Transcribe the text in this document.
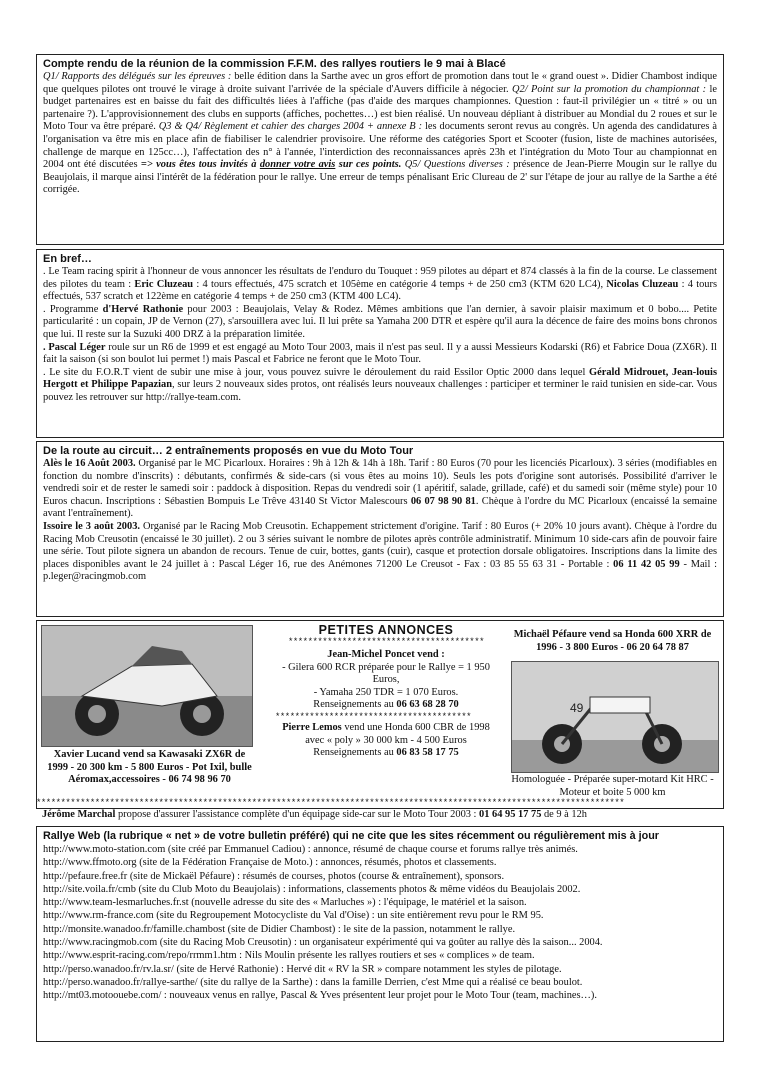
Compte rendu de la réunion de la commission F.F.M. des rallyes routiers le 9 mai à Blacé

Q1/ Rapports des délégués sur les épreuves : belle édition dans la Sarthe avec un gros effort de promotion dans tout le « grand ouest ». Didier Chambost indique que quelques pilotes ont trouvé le virage à droite suivant l'arrivée de la spéciale d'Auvers difficile à négocier. Q2/ Point sur la promotion du championnat : le budget partenaires est en baisse du fait des difficultés liées à l'affiche (pas d'aide des marques championnes. Question : faut-il privilégier un « titré » ou un partenaire ?). L'approvisionnement des clubs en supports (affiches, pochettes…) est bien réalisé. Un nouveau dépliant à distribuer au Mondial du 2 roues et sur le Moto Tour va être préparé. Q3 & Q4/ Règlement et cahier des charges 2004 + annexe B : les documents seront revus au congrès. Un agenda des candidatures à l'organisation va être mis en place afin de fiabiliser le calendrier provisoire. Une réforme des catégories Sport et Scooter (fusion, liste de machines autorisées, challenge de marque en 125cc…), l'affectation des n° à l'année, l'interdiction des reconnaissances après 23h et l'intégration du Moto Tour au championnat en 2004 ont été discutées => vous êtes tous invités à donner votre avis sur ces points. Q5/ Questions diverses : présence de Jean-Pierre Mougin sur le rallye du Beaujolais, il marque ainsi l'intérêt de la fédération pour le rallye. Une erreur de temps pénalisant Eric Clureau de 2' sur l'étape de jour au rallye de la Sarthe a été corrigée.

En bref…

. Le Team racing spirit à l'honneur de vous annoncer les résultats de l'enduro du Touquet : 959 pilotes au départ et 874 classés à la fin de la course. Le classement des pilotes du team : Eric Cluzeau : 4 tours effectués, 475 scratch et 105ème en catégorie 4 temps + de 250 cm3 (KTM 620 LC4), Nicolas Cluzeau : 4 tours effectués, 537 scratch et 122ème en catégorie 4 temps + de 250 cm3 (KTM 400 LC4).

. Programme d'Hervé Rathonie pour 2003 : Beaujolais, Velay & Rodez. Mêmes ambitions que l'an dernier, à savoir plaisir maximum et 0 bobo.... Petite particularité : un copain, JP de Vernon (27), s'arsouillera avec lui. Il lui prête sa Yamaha 200 DTR et espère qu'il aura la décence de faire des moins bons chronos que lui. Il reste sur la Suzuki 400 DRZ à la préparation limitée.

. Pascal Léger roule sur un R6 de 1999 et est engagé au Moto Tour 2003, mais il n'est pas seul. Il y a aussi Messieurs Kodarski (R6) et Fabrice Doua (ZX6R). Il fait la saison (si son boulot lui permet !) mais Pascal et Fabrice ne feront que le Moto Tour.

. Le site du F.O.R.T vient de subir une mise à jour, vous pouvez suivre le déroulement du raid Essilor Optic 2000 dans lequel Gérald Midrouet, Jean-louis Hergott et Philippe Papazian, sur leurs 2 nouveaux sides protos, ont réalisés leurs nouveaux challenges : participer et terminer le raid tunisien en side-car. Vous pouvez les retrouver sur http://rallye-team.com.

De la route au circuit… 2 entraînements proposés en vue du Moto Tour

Alès le 16 Août 2003. Organisé par le MC Picarloux. Horaires : 9h à 12h & 14h à 18h. Tarif : 80 Euros (70 pour les licenciés Picarloux). 3 séries (modifiables en fonction du nombre d'inscrits) : débutants, confirmés & side-cars (si vous êtes au moins 10). Seuls les pots d'origine sont autorisés. Possibilité d'arriver le vendredi soir et de rester le samedi soir : paddock à disposition. Repas du vendredi soir (1 apéritif, salade, grillade, café) et du samedi soir (même style) pour 10 Euros chacun. Inscriptions : Sébastien Bompuis Le Trêve 43140 St Victor Malescours 06 07 98 90 81. Chèque à l'ordre du MC Picarloux (encaissé la semaine avant l'entraînement).

Issoire le 3 août 2003. Organisé par le Racing Mob Creusotin. Echappement strictement d'origine. Tarif : 80 Euros (+ 20% 10 jours avant). Chèque à l'ordre du Racing Mob Creusotin (encaissé le 30 juillet). 2 ou 3 séries suivant le nombre de pilotes après contrôle administratif. Minimum 10 side-cars afin de pouvoir faire une série. Tout pilote signera un abandon de recours. Tenue de cuir, bottes, gants (cuir), casque et protection dorsale obligatoires. Inscriptions dans la limite des places disponibles avant le 24 juillet à : Pascal Léger 16, rue des Anémones 71200 Le Creusot - Fax : 03 85 55 63 31 - Portable : 06 11 42 05 99 - Mail : p.leger@racingmob.com

Xavier Lucand vend sa Kawasaki ZX6R de 1999 - 20 300 km - 5 800 Euros - Pot Ixil, bulle Aéromax,accessoires - 06 74 98 96 70

PETITES ANNONCES
****************************************

Jean-Michel Poncet vend :
- Gilera 600 RCR préparée pour le Rallye = 1 950 Euros,
- Yamaha 250 TDR = 1 070 Euros.
Renseignements au 06 63 68 28 70

****************************************

Pierre Lemos vend une Honda 600 CBR de 1998 avec « poly » 30 000 km - 4 500 Euros Renseignements au 06 83 58 17 75

Michaël Péfaure vend sa Honda 600 XRR de 1996 - 3 800 Euros - 06 20 64 78 87

49

Homologuée - Préparée super-motard Kit HRC - Moteur et boite 5 000 km

************************************************************************************************************************

Jérôme Marchal propose d'assurer l'assistance complète d'un équipage side-car sur le Moto Tour 2003 : 01 64 95 17 75 de 9 à 12h

Rallye Web (la rubrique « net » de votre bulletin préféré) qui ne cite que les sites récemment ou régulièrement mis à jour

http://www.moto-station.com (site créé par Emmanuel Cadiou) : annonce, résumé de chaque course et forums rallye très animés.

http://www.ffmoto.org (site de la Fédération Française de Moto.) : annonces, résumés, photos et classements.

http://pefaure.free.fr (site de Mickaël Péfaure) : résumés de courses, photos (course & entraînement), sponsors.

http://site.voila.fr/cmb (site du Club Moto du Beaujolais) : informations, classements photos & même vidéos du Beaujolais 2002.

http://www.team-lesmarluches.fr.st (nouvelle adresse du site des « Marluches ») : l'équipage, le matériel et la saison.

http://www.rm-france.com (site du Regroupement Motocycliste du Val d'Oise) : un site entièrement revu pour le RM 95.

http://monsite.wanadoo.fr/famille.chambost (site de Didier Chambost) : le site de la passion, notamment le rallye.

http://www.racingmob.com (site du Racing Mob Creusotin) : un organisateur expérimenté qui va goûter au rallye dès la saison... 2004.

http://www.esprit-racing.com/repo/rrmm1.htm : Nils Moulin présente les rallyes routiers et ses « complices » de team.

http://perso.wanadoo.fr/rv.la.sr/ (site de Hervé Rathonie) : Hervé dit « RV la SR » compare notamment les styles de pilotage.

http://perso.wanadoo.fr/rallye-sarthe/ (site du rallye de la Sarthe) : dans la famille Derrien, c'est Mme qui a réalisé ce beau boulot.

http://mt03.motoouebe.com/ : nouveaux venus en rallye, Pascal & Yves présentent leur projet pour le Moto Tour (team, machines…).
